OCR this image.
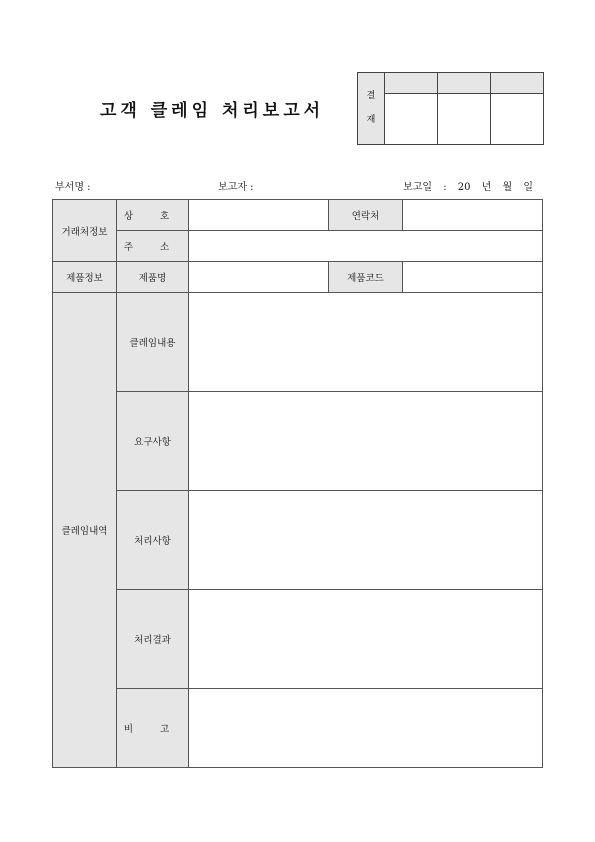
고객 클레임 처리보고서
결
재			

부서명 :	보고자 :	보고일 : 20 년 월 일
거래처정보	상 호		연락처	
	주 소			
제품정보	제품명		제품코드	
클레임내역	클레임내용			
	요구사항			
	처리사항			
	처리결과			
	비 고			
